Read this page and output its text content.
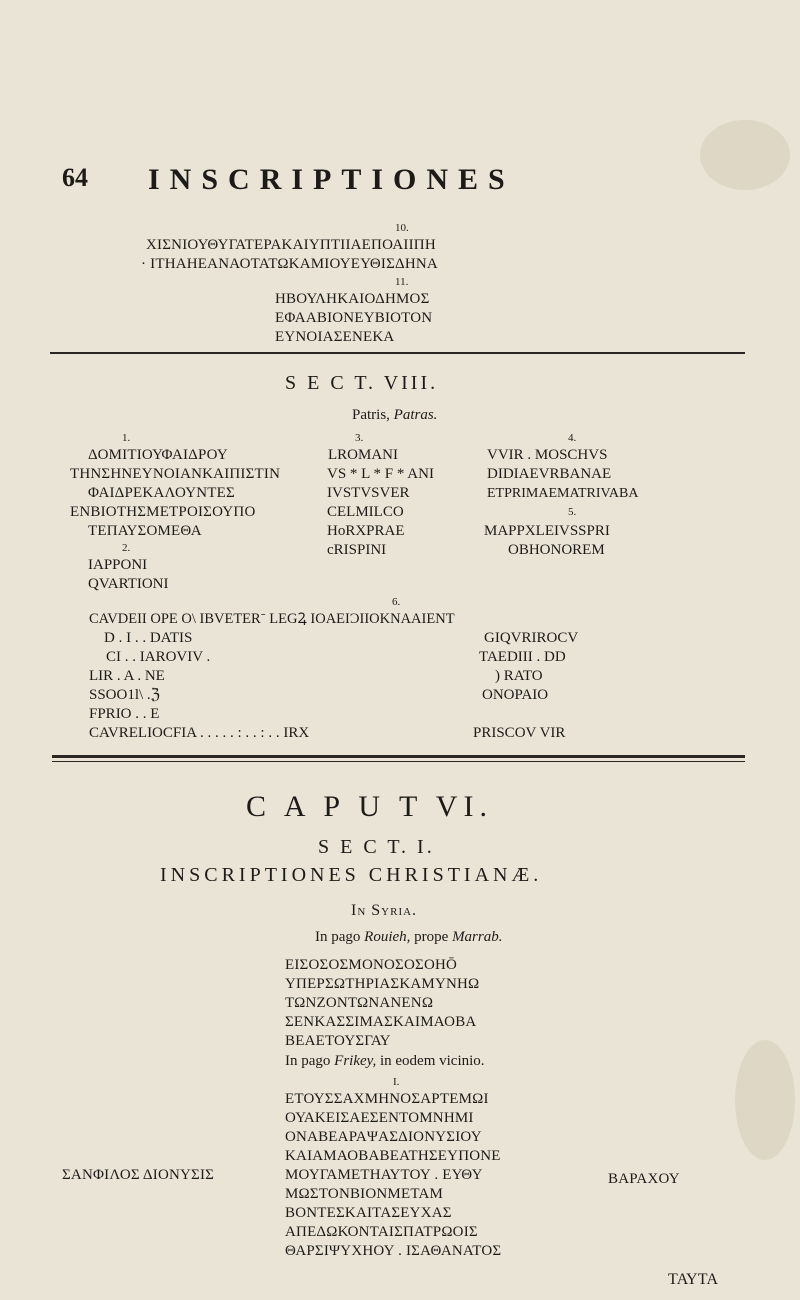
64 INSCRIPTIONES
10.
ΧΙΣΝΙΟΥΘΥΓΑΤΕΡΑΚΑΙΥΠΤΙΙΑΕΠΟΑΙΙΠΗ
· ΙΤΗΑΗΕΑΝΑΟΤΑΤΩΚΑΜΙΟΥΕΥΘΙΣΔΗΝΑ
11.
ΗΒΟΥΛΗΚΑΙΟΔΗΜΟΣ
ΕΦΑΑΒΙΟΝΕΥΒΙΟΤΟΝ
ΕΥΝΟΙΑΣΕΝΕΚΑ
S E C T. VIII.
Patris, Patras.
1.
ΔΟΜΙΤΙΟΥΦΑΙΔΡΟΥ
ΤΗΝΣΗΝΕΥΝΟΙΑΝΚΑΙΠΙΣΤΙΝ
ΦΑΙΔΡΕΚΑΛΟΥΝΤΕΣ
ΕΝΒΙΟΤΗΣΜΕΤΡΟΙΣΟΥΠΟ
ΤΕΠΑΥΣΟΜΕΘΑ
2.
IAPPONI
QVARTIONI
3.
LROMANI
VS * L * F * ANI
IVSTVSVER
CELMILCO
HoRXPRAE
cRISPINI
4.
VVIR . MOSCHVS
DIDIAEVRBANAE
ETPRIMAEMATRIVABA
5.
MAPPXLEIVSSPRI
OBHONOREM
6.
CAVDEII ΟPE Ο\ IBVETER⁻ LEGꝜ IOAEIƆIIOKNAAIENT
D . I . . DATIS
CI . . IAROVIV .
LIR . A . NE
SSOO1l\ .ℨ
FPRIO . . E
CAVRELIOCFIA . . . . . : . . : . . IRX
GIQVRIROCV
TAEDIII . DD
) RATO
ONOPAIO
PRISCOV VIR
C A P U T VI.
S E C T. I.
INSCRIPTIONES CHRISTIANÆ.
In Syria.
In pago Rouieh, prope Marrab.
ΕΙΣΟΣΟΣΜΟΝΟΣΟΣΟΗŌ
ΥΠΕΡΣΩΤΗΡΙΑΣΚΑΜΥΝΗΩ
ΤΩΝΖΟΝΤΩΝΑΝΕΝΩ
ΣΕΝΚΑΣΣΙΜΑΣΚΑΙΜΑΟΒΑ
ΒΕΑΕΤΟΥΣΓΑΥ
In pago Frikey, in eodem vicinio.
I.
ΕΤΟΥΣΣΑΧΜΗΝΟΣΑΡΤΕΜΩΙ
ΟΥΑΚΕΙΣΑΕΣΕΝΤΟΜΝΗΜΙ
ΟΝΑΒΕΑΡΑΨΑΣΔΙΟΝΥΣΙΟΥ
ΚΑΙΑΜΑΟΒΑΒΕΑΤΗΣΕΥΠΟΝΕ
ΣΑΝΦΙΛΟΣ ΔΙΟΝΥΣΙΣ	ΜΟΥΓΑΜΕΤΗΑΥΤΟΥ . ΕΥΘΥ	ΒΑΡΑΧΟΥ
ΜΩΣΤΟΝΒΙΟΝΜΕΤΑΜ
ΒΟΝΤΕΣΚΑΙΤΑΣΕΥΧΑΣ
ΑΠΕΔΩΚΟΝΤΑΙΣΠΑΤΡΩΟΙΣ
ΘΑΡΣΙΨΥΧΗΟΥ . ΙΣΑΘΑΝΑΤΟΣ
ΤΑΥΤΑ
